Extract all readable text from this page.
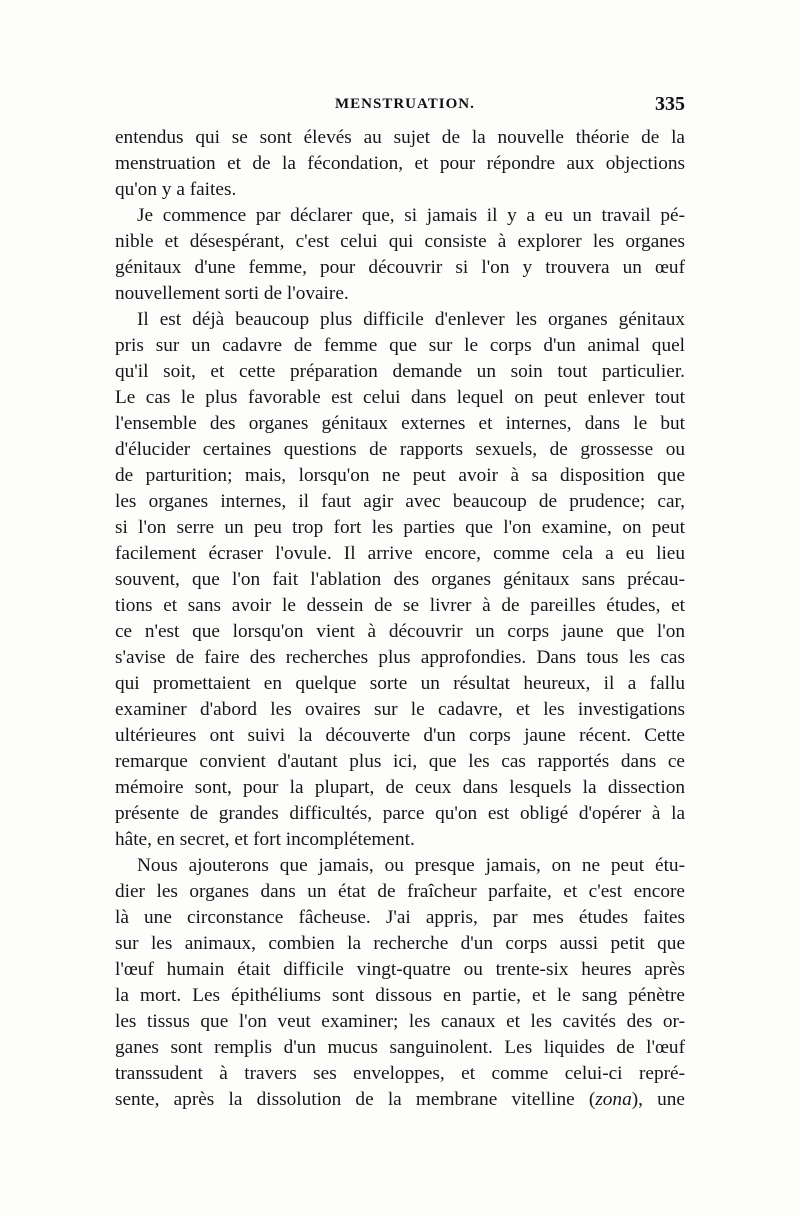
MENSTRUATION.	335
entendus qui se sont élevés au sujet de la nouvelle théorie de la
menstruation et de la fécondation, et pour répondre aux objections
qu'on y a faites.
Je commence par déclarer que, si jamais il y a eu un travail pé-
nible et désespérant, c'est celui qui consiste à explorer les organes
génitaux d'une femme, pour découvrir si l'on y trouvera un œuf
nouvellement sorti de l'ovaire.
Il est déjà beaucoup plus difficile d'enlever les organes génitaux
pris sur un cadavre de femme que sur le corps d'un animal quel
qu'il soit, et cette préparation demande un soin tout particulier.
Le cas le plus favorable est celui dans lequel on peut enlever tout
l'ensemble des organes génitaux externes et internes, dans le but
d'élucider certaines questions de rapports sexuels, de grossesse ou
de parturition; mais, lorsqu'on ne peut avoir à sa disposition que
les organes internes, il faut agir avec beaucoup de prudence; car,
si l'on serre un peu trop fort les parties que l'on examine, on peut
facilement écraser l'ovule. Il arrive encore, comme cela a eu lieu
souvent, que l'on fait l'ablation des organes génitaux sans précau-
tions et sans avoir le dessein de se livrer à de pareilles études, et
ce n'est que lorsqu'on vient à découvrir un corps jaune que l'on
s'avise de faire des recherches plus approfondies. Dans tous les cas
qui promettaient en quelque sorte un résultat heureux, il a fallu
examiner d'abord les ovaires sur le cadavre, et les investigations
ultérieures ont suivi la découverte d'un corps jaune récent. Cette
remarque convient d'autant plus ici, que les cas rapportés dans ce
mémoire sont, pour la plupart, de ceux dans lesquels la dissection
présente de grandes difficultés, parce qu'on est obligé d'opérer à la
hâte, en secret, et fort incomplétement.
Nous ajouterons que jamais, ou presque jamais, on ne peut étu-
dier les organes dans un état de fraîcheur parfaite, et c'est encore
là une circonstance fâcheuse. J'ai appris, par mes études faites
sur les animaux, combien la recherche d'un corps aussi petit que
l'œuf humain était difficile vingt-quatre ou trente-six heures après
la mort. Les épithéliums sont dissous en partie, et le sang pénètre
les tissus que l'on veut examiner; les canaux et les cavités des or-
ganes sont remplis d'un mucus sanguinolent. Les liquides de l'œuf
transsudent à travers ses enveloppes, et comme celui-ci repré-
sente, après la dissolution de la membrane vitelline (zona), une
